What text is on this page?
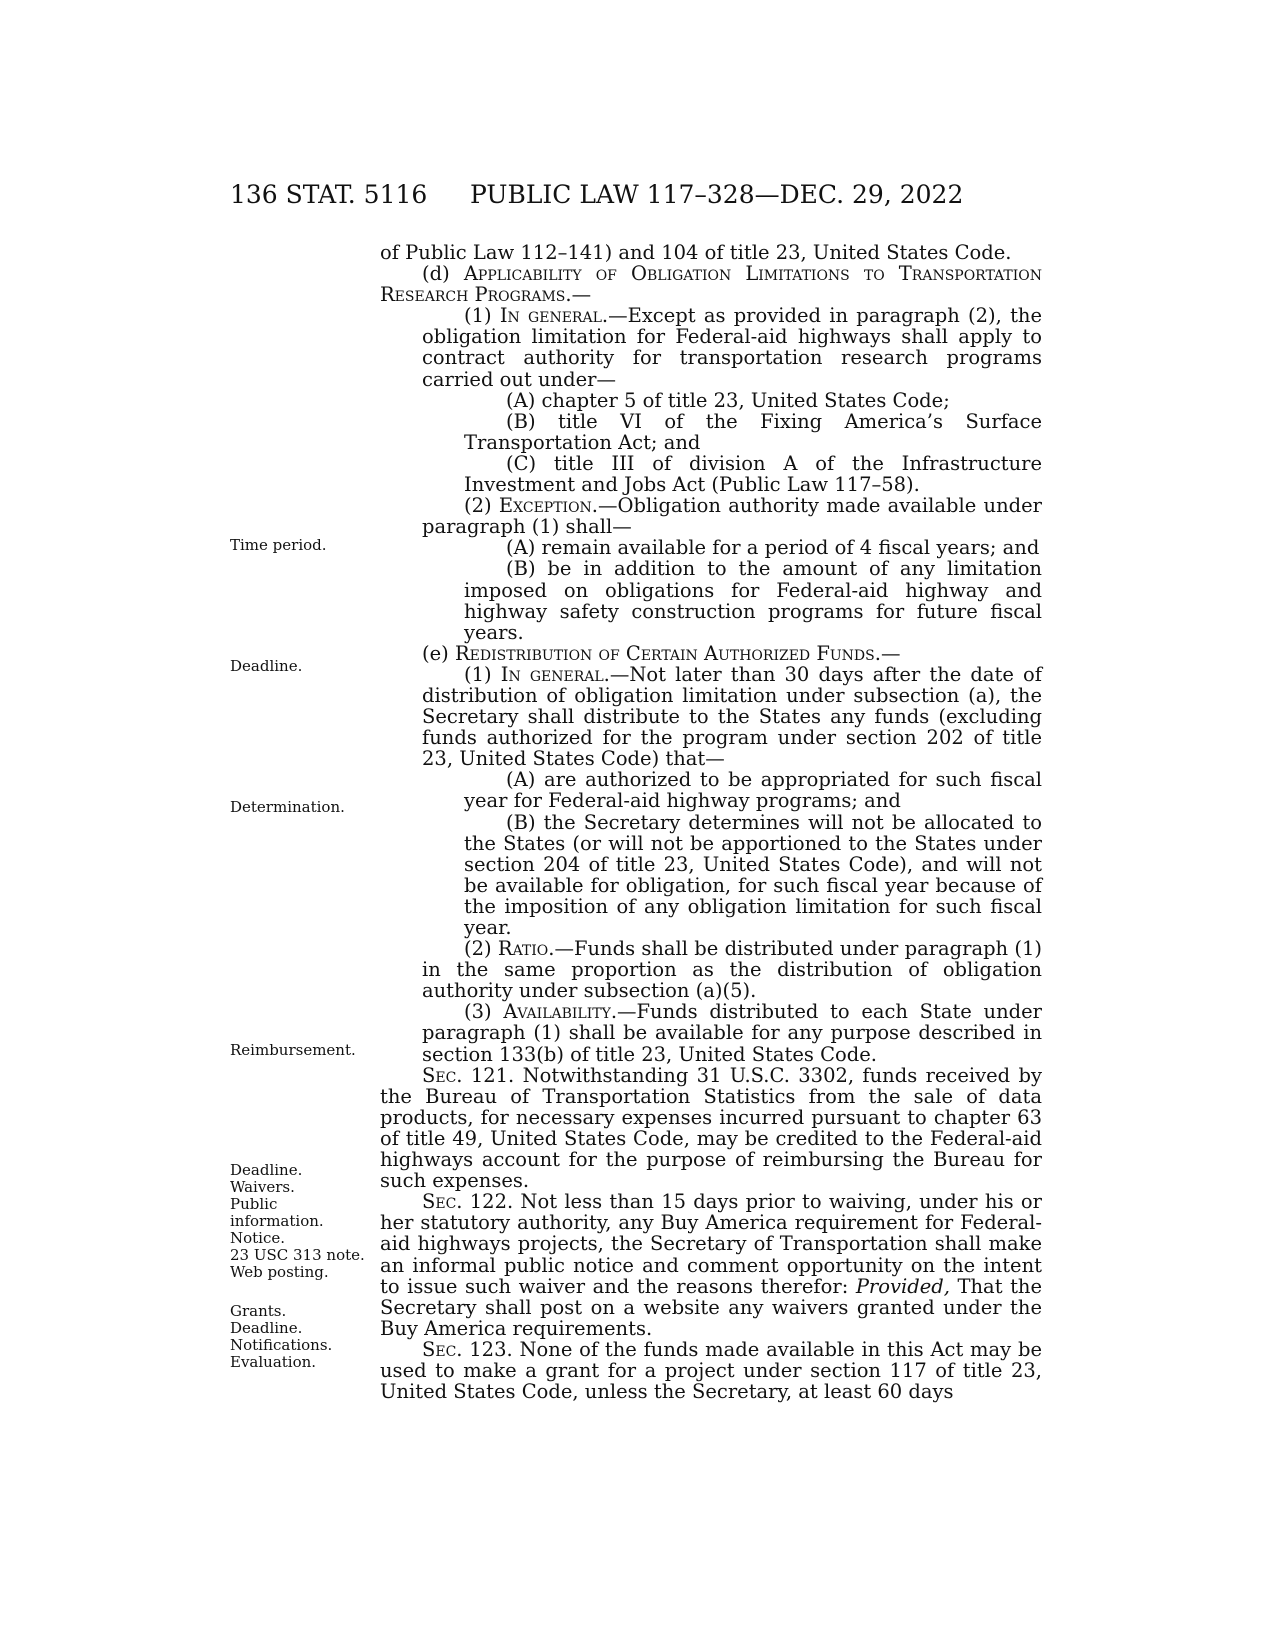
136 STAT. 5116 PUBLIC LAW 117–328—DEC. 29, 2022
Time period.
Deadline.
Determination.
Reimbursement.
Deadline.
Waivers.
Public
information.
Notice.
23 USC 313 note.
Web posting.
Grants.
Deadline.
Notifications.
Evaluation.

of Public Law 112–141) and 104 of title 23, United States Code.

(d) Applicability of Obligation Limitations to Transportation Research Programs.—

(1) In general.—Except as provided in paragraph (2), the obligation limitation for Federal-aid highways shall apply to contract authority for transportation research programs carried out under—

(A) chapter 5 of title 23, United States Code;

(B) title VI of the Fixing America’s Surface Transportation Act; and

(C) title III of division A of the Infrastructure Investment and Jobs Act (Public Law 117–58).

(2) Exception.—Obligation authority made available under paragraph (1) shall—

(A) remain available for a period of 4 fiscal years; and

(B) be in addition to the amount of any limitation imposed on obligations for Federal-aid highway and highway safety construction programs for future fiscal years.

(e) Redistribution of Certain Authorized Funds.—

(1) In general.—Not later than 30 days after the date of distribution of obligation limitation under subsection (a), the Secretary shall distribute to the States any funds (excluding funds authorized for the program under section 202 of title 23, United States Code) that—

(A) are authorized to be appropriated for such fiscal year for Federal-aid highway programs; and

(B) the Secretary determines will not be allocated to the States (or will not be apportioned to the States under section 204 of title 23, United States Code), and will not be available for obligation, for such fiscal year because of the imposition of any obligation limitation for such fiscal year.

(2) Ratio.—Funds shall be distributed under paragraph (1) in the same proportion as the distribution of obligation authority under subsection (a)(5).

(3) Availability.—Funds distributed to each State under paragraph (1) shall be available for any purpose described in section 133(b) of title 23, United States Code.

Sec. 121. Notwithstanding 31 U.S.C. 3302, funds received by the Bureau of Transportation Statistics from the sale of data products, for necessary expenses incurred pursuant to chapter 63 of title 49, United States Code, may be credited to the Federal-aid highways account for the purpose of reimbursing the Bureau for such expenses.

Sec. 122. Not less than 15 days prior to waiving, under his or her statutory authority, any Buy America requirement for Federal-aid highways projects, the Secretary of Transportation shall make an informal public notice and comment opportunity on the intent to issue such waiver and the reasons therefor: Provided, That the Secretary shall post on a website any waivers granted under the Buy America requirements.

Sec. 123. None of the funds made available in this Act may be used to make a grant for a project under section 117 of title 23, United States Code, unless the Secretary, at least 60 days
